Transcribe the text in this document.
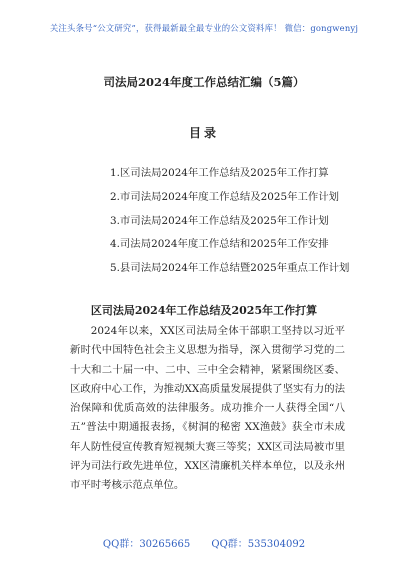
关注头条号“公文研究”，获得最新最全最专业的公文资料库！ 微信：gongwenyj
司法局2024年度工作总结汇编（5篇）
目录
1.区司法局2024年工作总结及2025年工作打算
2.市司法局2024年度工作总结及2025年工作计划
3.市司法局2024年工作总结及2025年工作计划
4.司法局2024年度工作总结和2025年工作安排
5.县司法局2024年工作总结暨2025年重点工作计划
区司法局2024年工作总结及2025年工作打算

2024年以来，XX区司法局全体干部职工坚持以习近平新时代中国特色社会主义思想为指导，深入贯彻学习党的二十大和二十届一中、二中、三中全会精神，紧紧围绕区委、区政府中心工作，为推动XX高质量发展提供了坚实有力的法治保障和优质高效的法律服务。成功推介一人获得全国“八五”普法中期通报表扬，《树洞的秘密 XX渔鼓》获全市未成年人防性侵宣传教育短视频大赛三等奖；XX区司法局被市里评为司法行政先进单位，XX区清廉机关样本单位，以及永州市平时考核示范点单位。

QQ群：30265665 QQ群：535304092
